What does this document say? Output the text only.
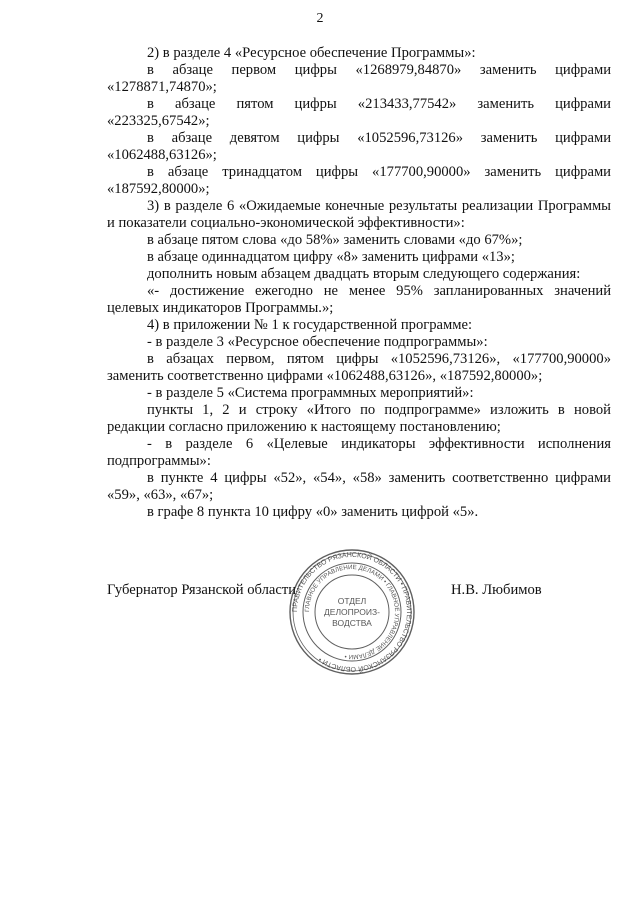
2

2) в разделе 4 «Ресурсное обеспечение Программы»:

в абзаце первом цифры «1268979,84870» заменить цифрами «1278871,74870»;

в абзаце пятом цифры «213433,77542» заменить цифрами «223325,67542»;

в абзаце девятом цифры «1052596,73126» заменить цифрами «1062488,63126»;

в абзаце тринадцатом цифры «177700,90000» заменить цифрами «187592,80000»;

3) в разделе 6 «Ожидаемые конечные результаты реализации Программы и показатели социально-экономической эффективности»:

в абзаце пятом слова «до 58%» заменить словами «до 67%»;

в абзаце одиннадцатом цифру «8» заменить цифрами «13»;

дополнить новым абзацем двадцать вторым следующего содержания:

«- достижение ежегодно не менее 95% запланированных значений целевых индикаторов Программы.»;

4) в приложении № 1 к государственной программе:

- в разделе 3 «Ресурсное обеспечение подпрограммы»:

в абзацах первом, пятом цифры «1052596,73126», «177700,90000» заменить соответственно цифрами «1062488,63126», «187592,80000»;

- в разделе 5 «Система программных мероприятий»:

пункты 1, 2 и строку «Итого по подпрограмме» изложить в новой редакции согласно приложению к настоящему постановлению;

- в разделе 6 «Целевые индикаторы эффективности исполнения подпрограммы»:

в пункте 4 цифры «52», «54», «58» заменить соответственно цифрами «59», «63», «67»;

в графе 8 пункта 10 цифру «0» заменить цифрой «5».

Губернатор Рязанской области	Н.В. Любимов
ПРАВИТЕЛЬСТВО РЯЗАНСКОЙ ОБЛАСТИ • ПРАВИТЕЛЬСТВО РЯЗАНСКОЙ ОБЛАСТИ •
ГЛАВНОЕ УПРАВЛЕНИЕ ДЕЛАМИ • ГЛАВНОЕ УПРАВЛЕНИЕ ДЕЛАМИ •
ОТДЕЛ
ДЕЛОПРОИЗ-
ВОДСТВА
